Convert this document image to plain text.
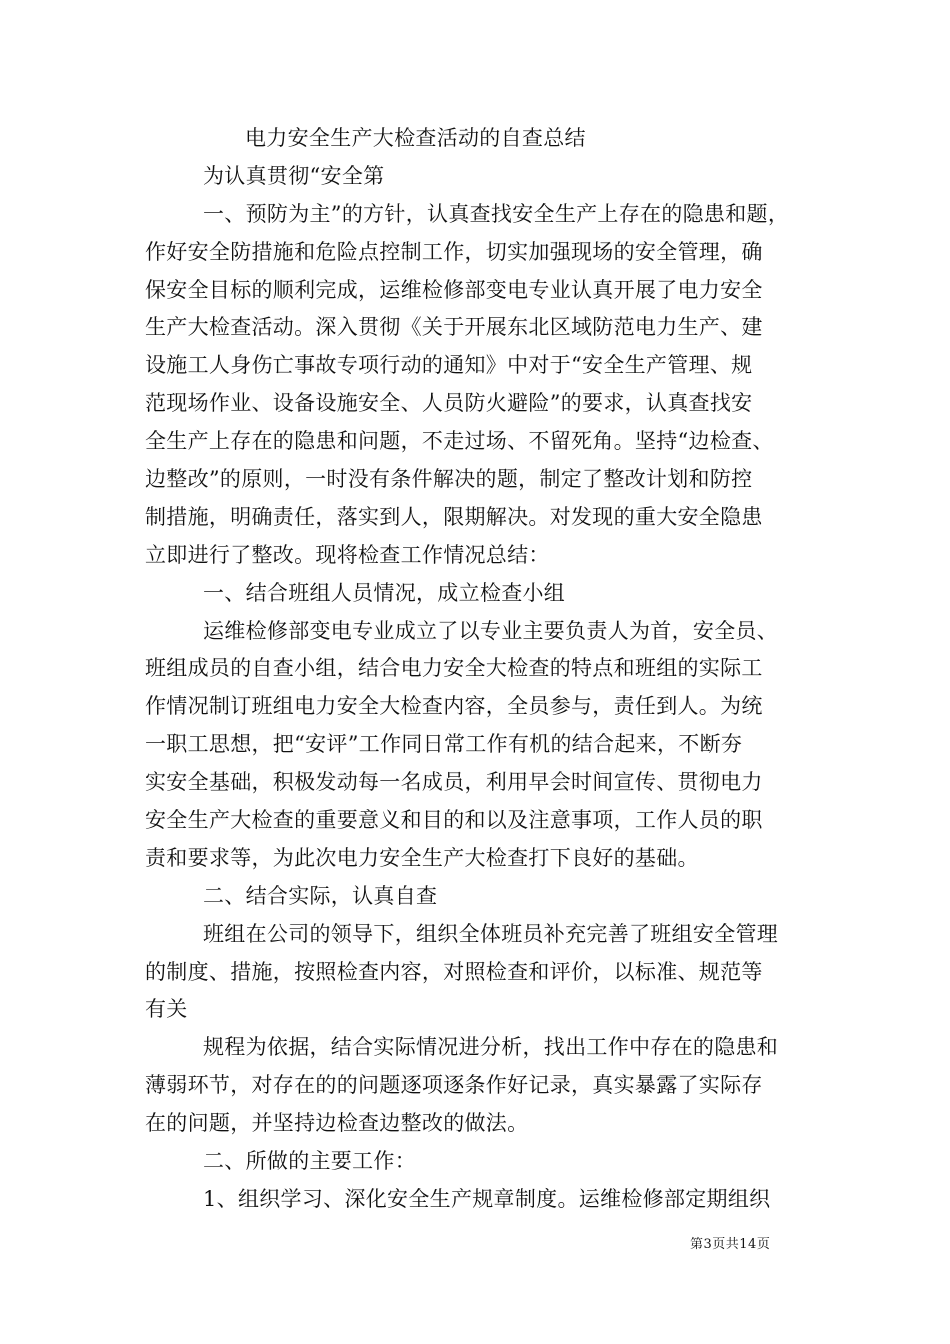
电力安全生产大检查活动的自查总结
为认真贯彻“安全第
一、预防为主”的方针，认真查找安全生产上存在的隐患和题，
作好安全防措施和危险点控制工作，切实加强现场的安全管理，确
保安全目标的顺利完成，运维检修部变电专业认真开展了电力安全
生产大检查活动。深入贯彻《关于开展东北区域防范电力生产、建
设施工人身伤亡事故专项行动的通知》中对于“安全生产管理、规
范现场作业、设备设施安全、人员防火避险”的要求，认真查找安
全生产上存在的隐患和问题，不走过场、不留死角。坚持“边检查、
边整改”的原则，一时没有条件解决的题，制定了整改计划和防控
制措施，明确责任，落实到人，限期解决。对发现的重大安全隐患
立即进行了整改。现将检查工作情况总结：
一、结合班组人员情况，成立检查小组
运维检修部变电专业成立了以专业主要负责人为首，安全员、
班组成员的自查小组，结合电力安全大检查的特点和班组的实际工
作情况制订班组电力安全大检查内容，全员参与，责任到人。为统
一职工思想，把“安评”工作同日常工作有机的结合起来，不断夯
实安全基础，积极发动每一名成员，利用早会时间宣传、贯彻电力
安全生产大检查的重要意义和目的和以及注意事项，工作人员的职
责和要求等，为此次电力安全生产大检查打下良好的基础。
二、结合实际，认真自查
班组在公司的领导下，组织全体班员补充完善了班组安全管理
的制度、措施，按照检查内容，对照检查和评价，以标准、规范等
有关
规程为依据，结合实际情况进分析，找出工作中存在的隐患和
薄弱环节，对存在的的问题逐项逐条作好记录，真实暴露了实际存
在的问题，并坚持边检查边整改的做法。
二、所做的主要工作：
1、组织学习、深化安全生产规章制度。运维检修部定期组织
第3页共14页
